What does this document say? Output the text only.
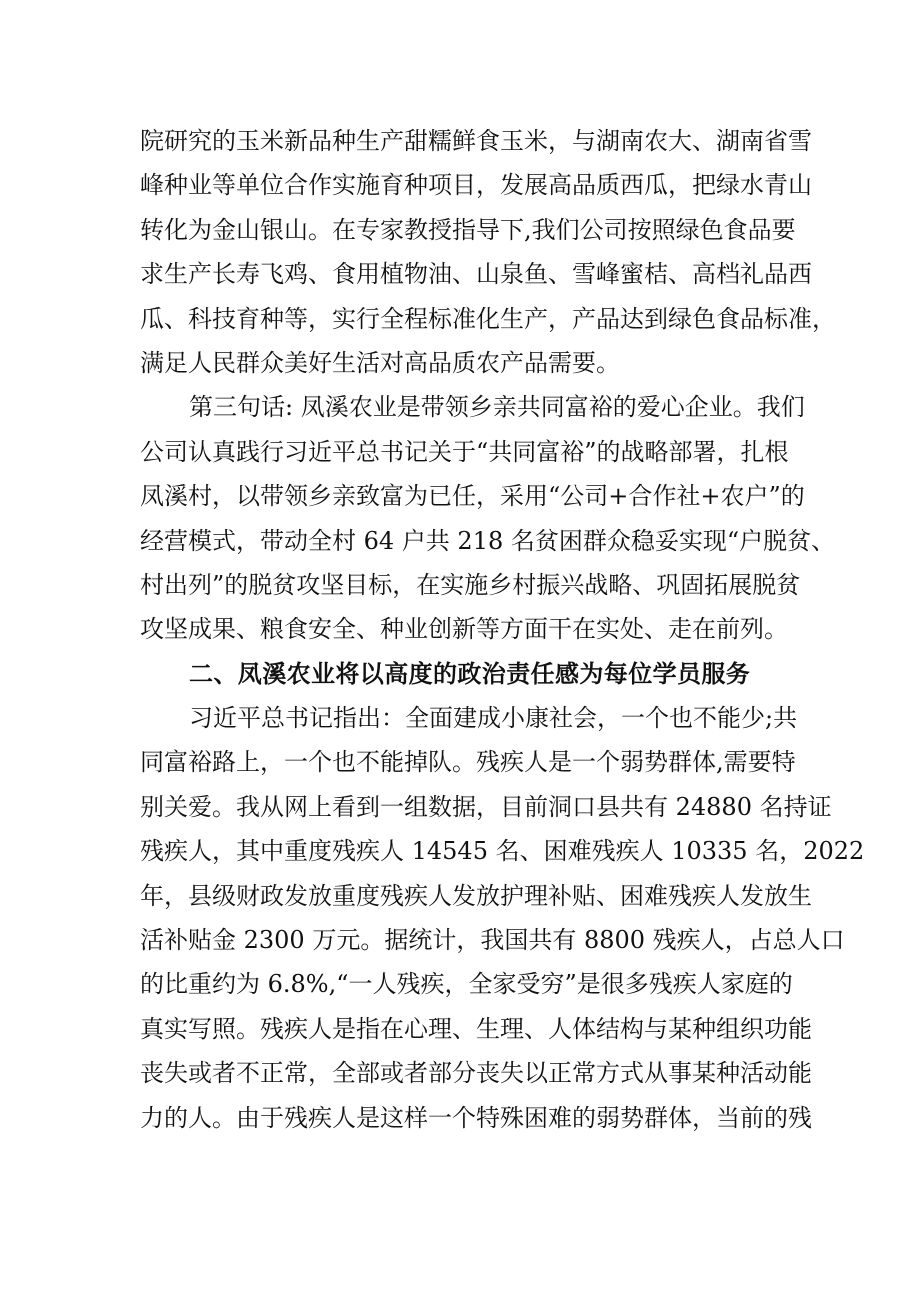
院研究的玉米新品种生产甜糯鲜食玉米，与湖南农大、湖南省雪
峰种业等单位合作实施育种项目，发展高品质西瓜，把绿水青山
转化为金山银山。在专家教授指导下,我们公司按照绿色食品要
求生产长寿飞鸡、食用植物油、山泉鱼、雪峰蜜桔、高档礼品西
瓜、科技育种等，实行全程标准化生产，产品达到绿色食品标准，
满足人民群众美好生活对高品质农产品需要。
第三句话: 凤溪农业是带领乡亲共同富裕的爱心企业。我们
公司认真践行习近平总书记关于“共同富裕”的战略部署，扎根
凤溪村，以带领乡亲致富为已任，采用“公司+合作社+农户”的
经营模式，带动全村 64 户共 218 名贫困群众稳妥实现“户脱贫、
村出列”的脱贫攻坚目标，在实施乡村振兴战略、巩固拓展脱贫
攻坚成果、粮食安全、种业创新等方面干在实处、走在前列。
二、凤溪农业将以高度的政治责任感为每位学员服务
习近平总书记指出：全面建成小康社会，一个也不能少;共
同富裕路上，一个也不能掉队。残疾人是一个弱势群体,需要特
别关爱。我从网上看到一组数据，目前洞口县共有 24880 名持证
残疾人，其中重度残疾人 14545 名、困难残疾人 10335 名，2022
年，县级财政发放重度残疾人发放护理补贴、困难残疾人发放生
活补贴金 2300 万元。据统计，我国共有 8800 残疾人，占总人口
的比重约为 6.8%,“一人残疾，全家受穷”是很多残疾人家庭的
真实写照。残疾人是指在心理、生理、人体结构与某种组织功能
丧失或者不正常，全部或者部分丧失以正常方式从事某种活动能
力的人。由于残疾人是这样一个特殊困难的弱势群体，当前的残
